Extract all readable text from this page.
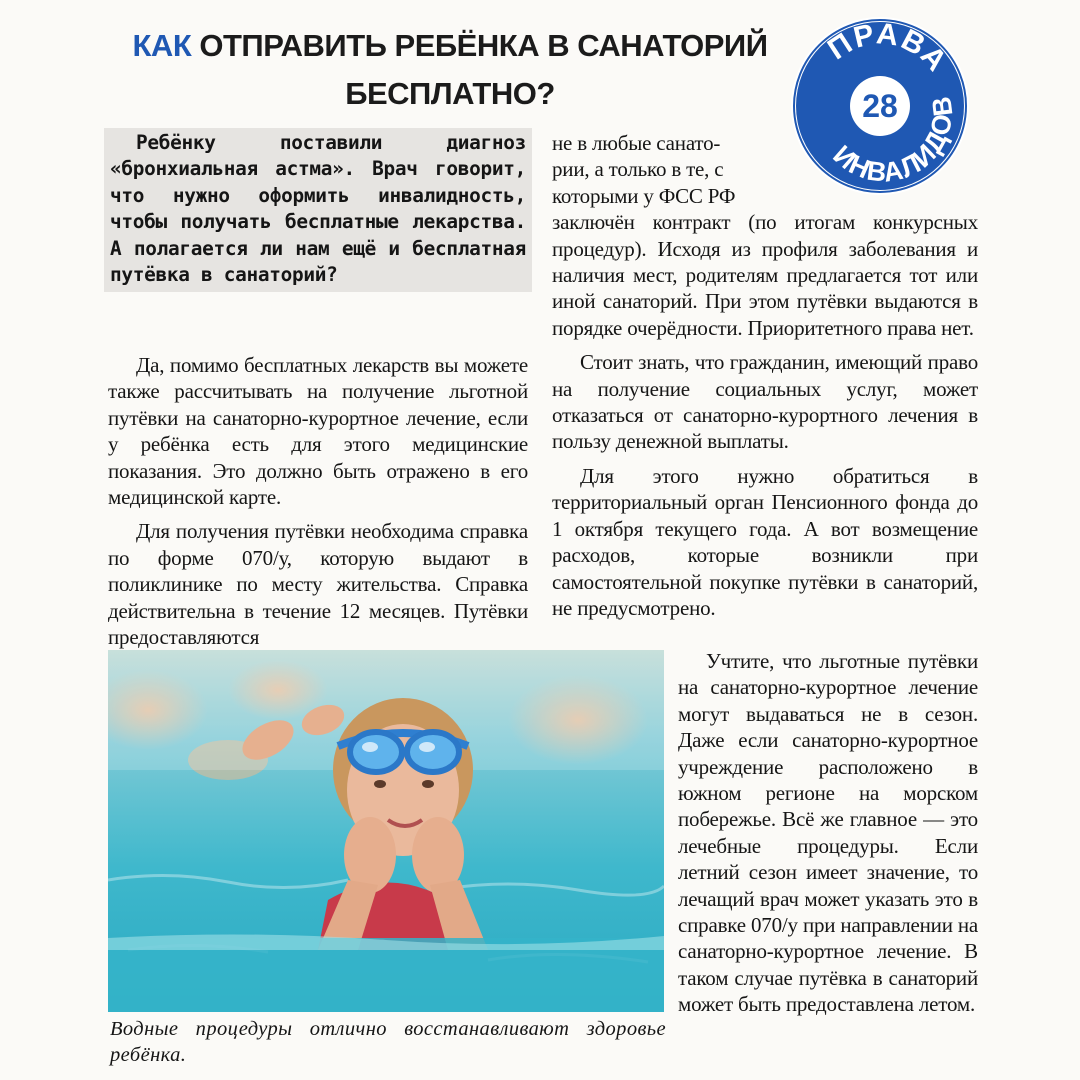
КАК ОТПРАВИТЬ РЕБЁНКА В САНАТОРИЙ
БЕСПЛАТНО?
ПРАВА
ИНВАЛИДОВ
28
Ребёнку поставили диагноз «бронхиальная астма». Врач говорит, что нужно оформить инвалидность, чтобы получать бесплатные лекарства. А полагается ли нам ещё и бесплатная путёвка в санаторий?

Да, помимо бесплатных лекарств вы можете также рассчитывать на получение льготной путёвки на санаторно-курортное лечение, если у ребёнка есть для этого медицинские показания. Это должно быть отражено в его медицинской карте.

Для получения путёвки необходима справка по форме 070/у, которую выдают в поликлинике по месту жительства. Справка действительна в течение 12 месяцев. Путёвки предоставляются

не в любые санато-
рии, а только в те, с
которыми у ФСС РФ
заключён контракт (по итогам конкурсных процедур). Исходя из профиля заболевания и наличия мест, родителям предлагается тот или иной санаторий. При этом путёвки выдаются в порядке очерёдности. Приоритетного права нет.

Стоит знать, что гражданин, имеющий право на получение социальных услуг, может отказаться от санаторно-курортного лечения в пользу денежной выплаты.

Для этого нужно обратиться в территориальный орган Пенсионного фонда до 1 октября текущего года. А вот возмещение расходов, которые возникли при самостоятельной покупке путёвки в санаторий, не предусмотрено.

Учтите, что льготные путёвки на санаторно-курортное лечение могут выдаваться не в сезон. Даже если санаторно-курортное учреждение расположено в южном регионе на морском побережье. Всё же главное — это лечебные процедуры. Если летний сезон имеет значение, то лечащий врач может указать это в справке 070/у при направлении на санаторно-курортное лечение. В таком случае путёвка в санаторий может быть предоставлена летом.

Водные процедуры отлично восстанавливают здоровье ребёнка.
